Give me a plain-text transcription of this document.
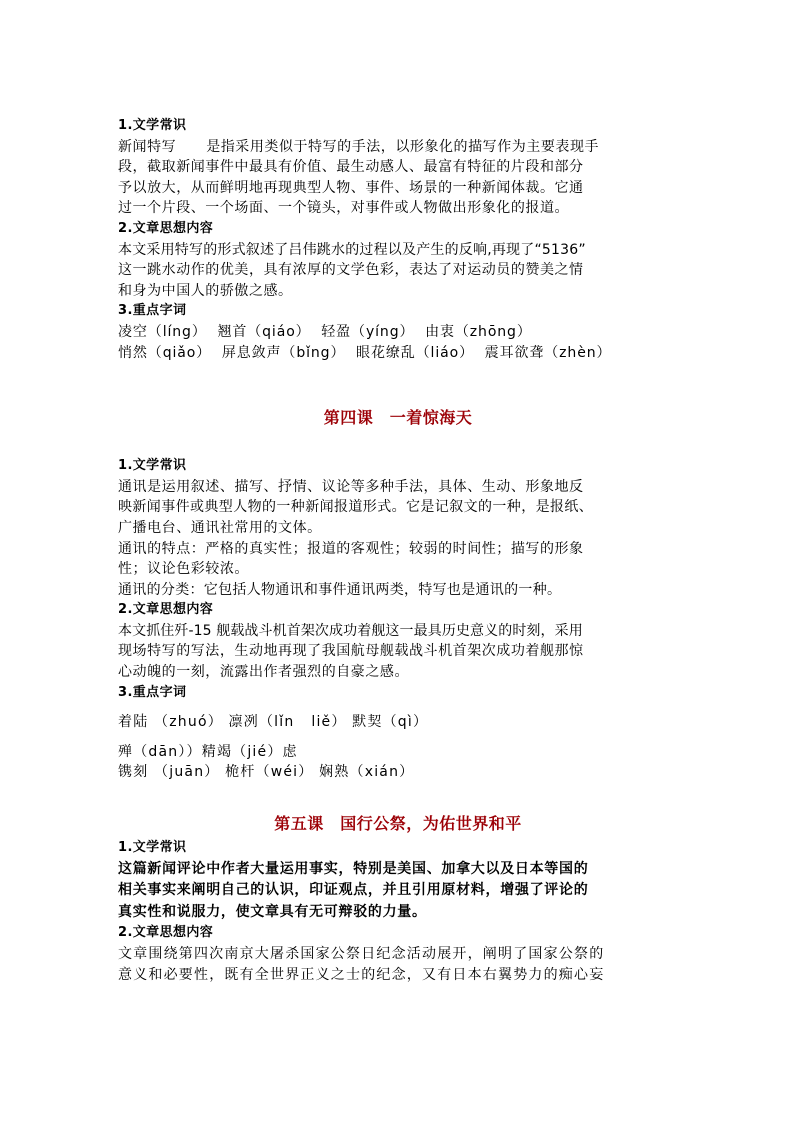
1.文学常识
新闻特写      是指采用类似于特写的手法，以形象化的描写作为主要表现手
段，截取新闻事件中最具有价值、最生动感人、最富有特征的片段和部分
予以放大，从而鲜明地再现典型人物、事件、场景的一种新闻体裁。它通
过一个片段、一个场面、一个镜头，对事件或人物做出形象化的报道。
2.文章思想内容
本文采用特写的形式叙述了吕伟跳水的过程以及产生的反响,再现了“5136”
这一跳水动作的优美，具有浓厚的文学色彩，表达了对运动员的赞美之情
和身为中国人的骄傲之感。
3.重点字词
凌空（líng）  翘首（qiáo）  轻盈（yíng）  由衷（zhōng）
悄然（qiǎo）  屏息敛声（bǐng）  眼花缭乱（liáo）  震耳欲聋（zhèn）
第四课　一着惊海天
1.文学常识
通讯是运用叙述、描写、抒情、议论等多种手法，具体、生动、形象地反
映新闻事件或典型人物的一种新闻报道形式。它是记叙文的一种，是报纸、
广播电台、通讯社常用的文体。
通讯的特点：严格的真实性；报道的客观性；较弱的时间性；描写的形象
性；议论色彩较浓。
通讯的分类：它包括人物通讯和事件通讯两类，特写也是通讯的一种。
2.文章思想内容
本文抓住歼-15 舰载战斗机首架次成功着舰这一最具历史意义的时刻，采用
现场特写的写法，生动地再现了我国航母舰载战斗机首架次成功着舰那惊
心动魄的一刻，流露出作者强烈的自豪之感。
3.重点字词
着陆 （zhuó） 凛冽（lǐn   liě） 默契（qì）
殚（dān））精竭（jié）虑
镌刻 （juān） 桅杆（wéi） 娴熟（xián）
第五课　国行公祭，为佑世界和平
1.文学常识
这篇新闻评论中作者大量运用事实，特别是美国、加拿大以及日本等国的
相关事实来阐明自己的认识，印证观点，并且引用原材料，增强了评论的
真实性和说服力，使文章具有无可辩驳的力量。
2.文章思想内容
文章围绕第四次南京大屠杀国家公祭日纪念活动展开，阐明了国家公祭的
意义和必要性，既有全世界正义之士的纪念，又有日本右翼势力的痴心妄
